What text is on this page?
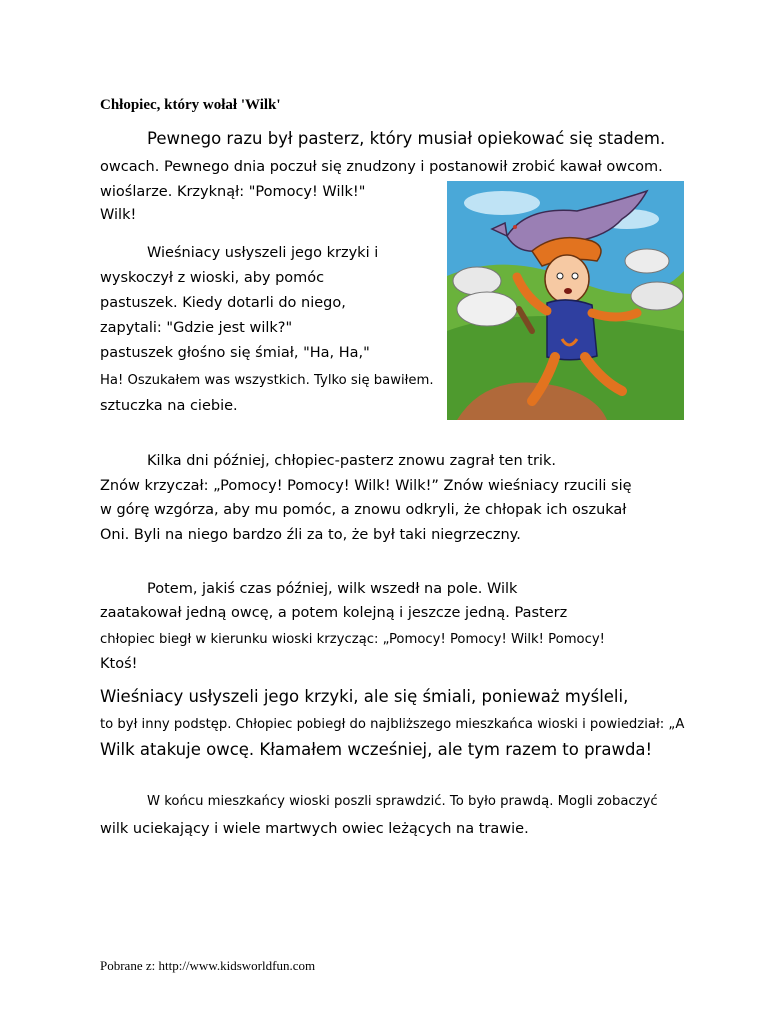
Chłopiec, który wołał 'Wilk'
Pewnego razu był pasterz, który musiał opiekować się stadem.
owcach. Pewnego dnia poczuł się znudzony i postanowił zrobić kawał owcom.
wioślarze. Krzyknął: "Pomocy! Wilk!"
Wilk!
Wieśniacy usłyszeli jego krzyki i
wyskoczył z wioski, aby pomóc
pastuszek. Kiedy dotarli do niego,
zapytali: "Gdzie jest wilk?"
pastuszek głośno się śmiał, "Ha, Ha,"
Ha! Oszukałem was wszystkich. Tylko się bawiłem.
sztuczka na ciebie.
Kilka dni później, chłopiec-pasterz znowu zagrał ten trik.
Znów krzyczał: „Pomocy! Pomocy! Wilk! Wilk!” Znów wieśniacy rzucili się
w górę wzgórza, aby mu pomóc, a znowu odkryli, że chłopak ich oszukał
Oni. Byli na niego bardzo źli za to, że był taki niegrzeczny.
Potem, jakiś czas później, wilk wszedł na pole. Wilk
zaatakował jedną owcę, a potem kolejną i jeszcze jedną. Pasterz
chłopiec biegł w kierunku wioski krzycząc: „Pomocy! Pomocy! Wilk! Pomocy!
Ktoś!
Wieśniacy usłyszeli jego krzyki, ale się śmiali, ponieważ myśleli,
to był inny podstęp. Chłopiec pobiegł do najbliższego mieszkańca wioski i powiedział: „A
Wilk atakuje owcę. Kłamałem wcześniej, ale tym razem to prawda!
W końcu mieszkańcy wioski poszli sprawdzić. To było prawdą. Mogli zobaczyć
wilk uciekający i wiele martwych owiec leżących na trawie.
Pobrane z: http://www.kidsworldfun.com
